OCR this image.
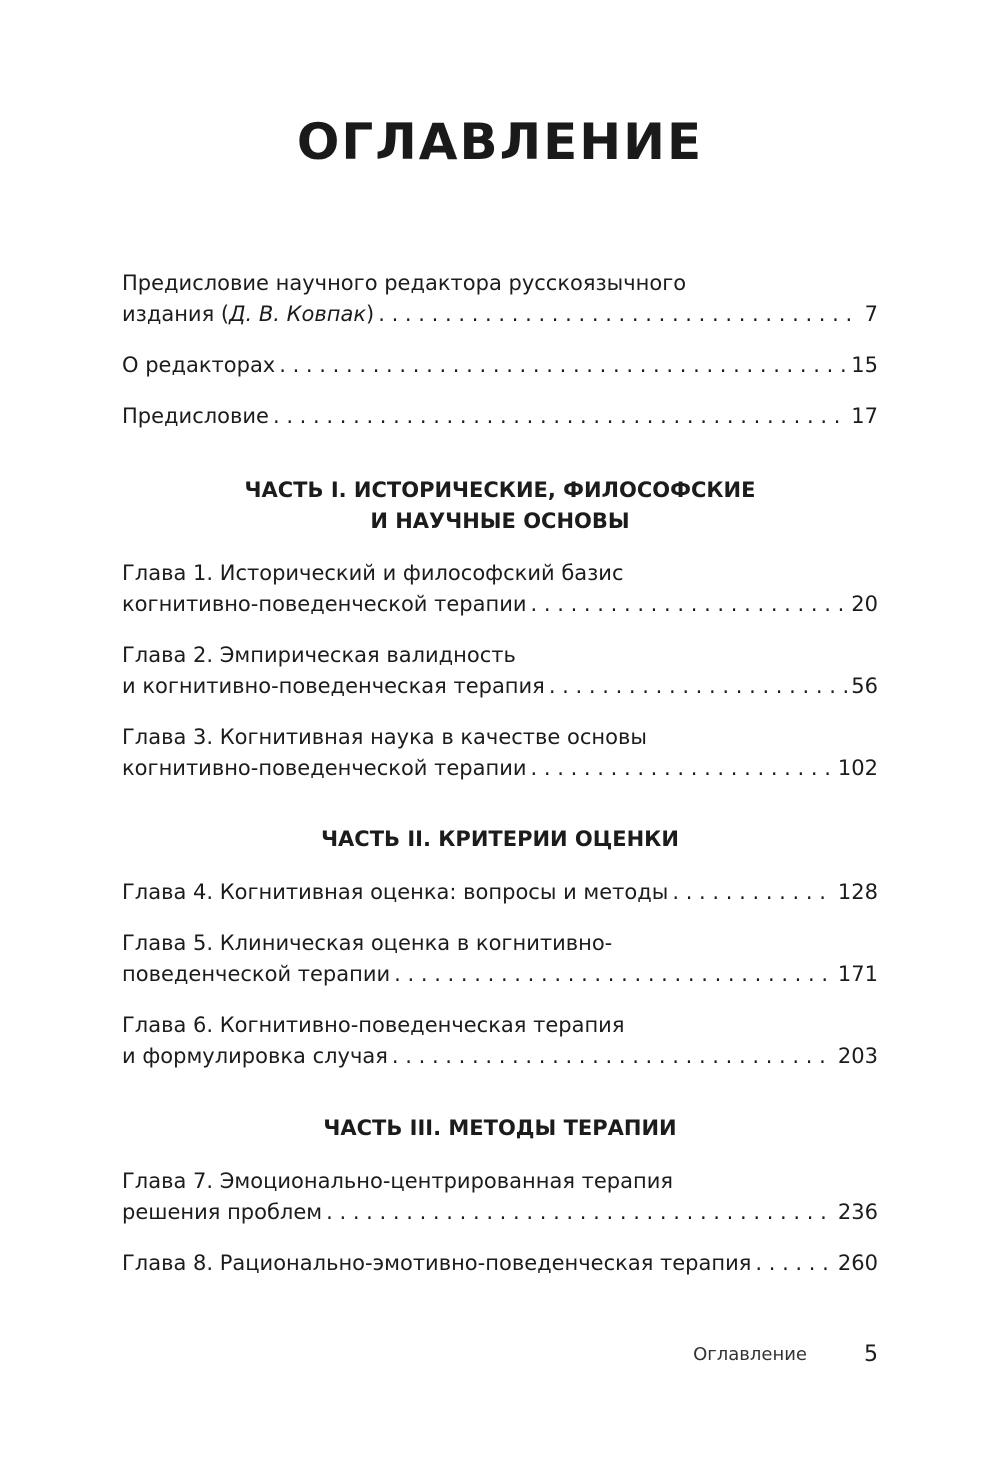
ОГЛАВЛЕНИЕ
Предисловие научного редактора русскоязычного
издания (Д. В. Ковпак) . . .	7
О редакторах . . .	15
Предисловие . . .	17
Глава 1. Исторический и философский базис
когнитивно-поведенческой терапии . . .	20
Глава 2. Эмпирическая валидность
и когнитивно-поведенческая терапия . . .	56
Глава 3. Когнитивная наука в качестве основы
когнитивно-поведенческой терапии . . .	102
Глава 4. Когнитивная оценка: вопросы и методы . . .	128
Глава 5. Клиническая оценка в когнитивно-
поведенческой терапии . . .	171
Глава 6. Когнитивно-поведенческая терапия
и формулировка случая . . .	203
Глава 7. Эмоционально-центрированная терапия
решения проблем . . .	236
Глава 8. Рационально-эмотивно-поведенческая терапия . . .	260
ЧАСТЬ I. ИСТОРИЧЕСКИЕ, ФИЛОСОФСКИЕ
И НАУЧНЫЕ ОСНОВЫ
ЧАСТЬ II. КРИТЕРИИ ОЦЕНКИ
ЧАСТЬ III. МЕТОДЫ ТЕРАПИИ
Оглавление	5
